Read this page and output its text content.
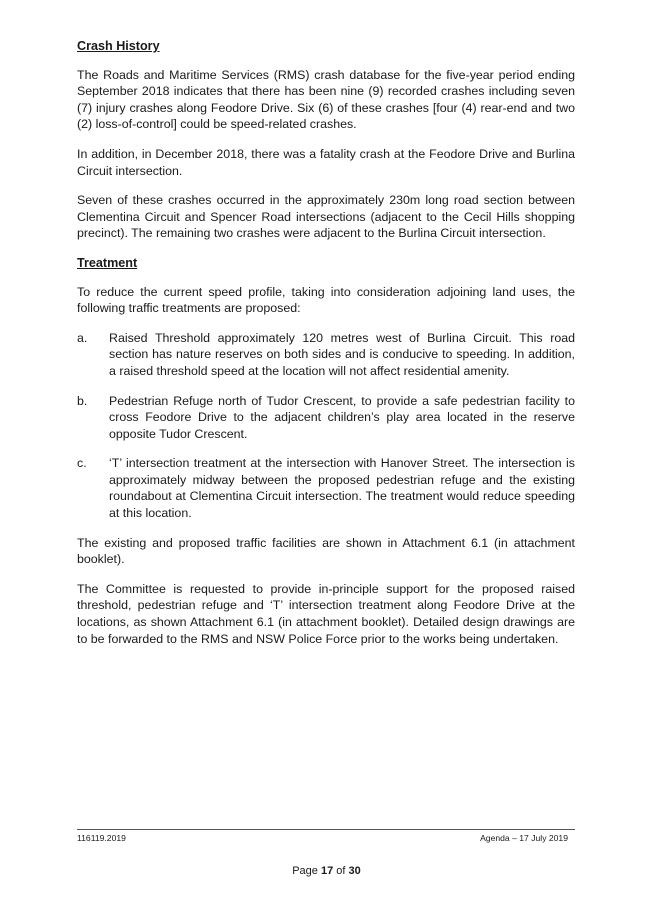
Crash History

The Roads and Maritime Services (RMS) crash database for the five-year period ending September 2018 indicates that there has been nine (9) recorded crashes including seven (7) injury crashes along Feodore Drive. Six (6) of these crashes [four (4) rear-end and two (2) loss-of-control] could be speed-related crashes.

In addition, in December 2018, there was a fatality crash at the Feodore Drive and Burlina Circuit intersection.

Seven of these crashes occurred in the approximately 230m long road section between Clementina Circuit and Spencer Road intersections (adjacent to the Cecil Hills shopping precinct). The remaining two crashes were adjacent to the Burlina Circuit intersection.

Treatment

To reduce the current speed profile, taking into consideration adjoining land uses, the following traffic treatments are proposed:

a.	Raised Threshold approximately 120 metres west of Burlina Circuit. This road section has nature reserves on both sides and is conducive to speeding. In addition, a raised threshold speed at the location will not affect residential amenity.
b.	Pedestrian Refuge north of Tudor Crescent, to provide a safe pedestrian facility to cross Feodore Drive to the adjacent children’s play area located in the reserve opposite Tudor Crescent.
c.	‘T’ intersection treatment at the intersection with Hanover Street. The intersection is approximately midway between the proposed pedestrian refuge and the existing roundabout at Clementina Circuit intersection. The treatment would reduce speeding at this location.

The existing and proposed traffic facilities are shown in Attachment 6.1 (in attachment booklet).

The Committee is requested to provide in-principle support for the proposed raised threshold, pedestrian refuge and ‘T’ intersection treatment along Feodore Drive at the locations, as shown Attachment 6.1 (in attachment booklet). Detailed design drawings are to be forwarded to the RMS and NSW Police Force prior to the works being undertaken.

116119.2019	Agenda – 17 July 2019
Page 17 of 30
